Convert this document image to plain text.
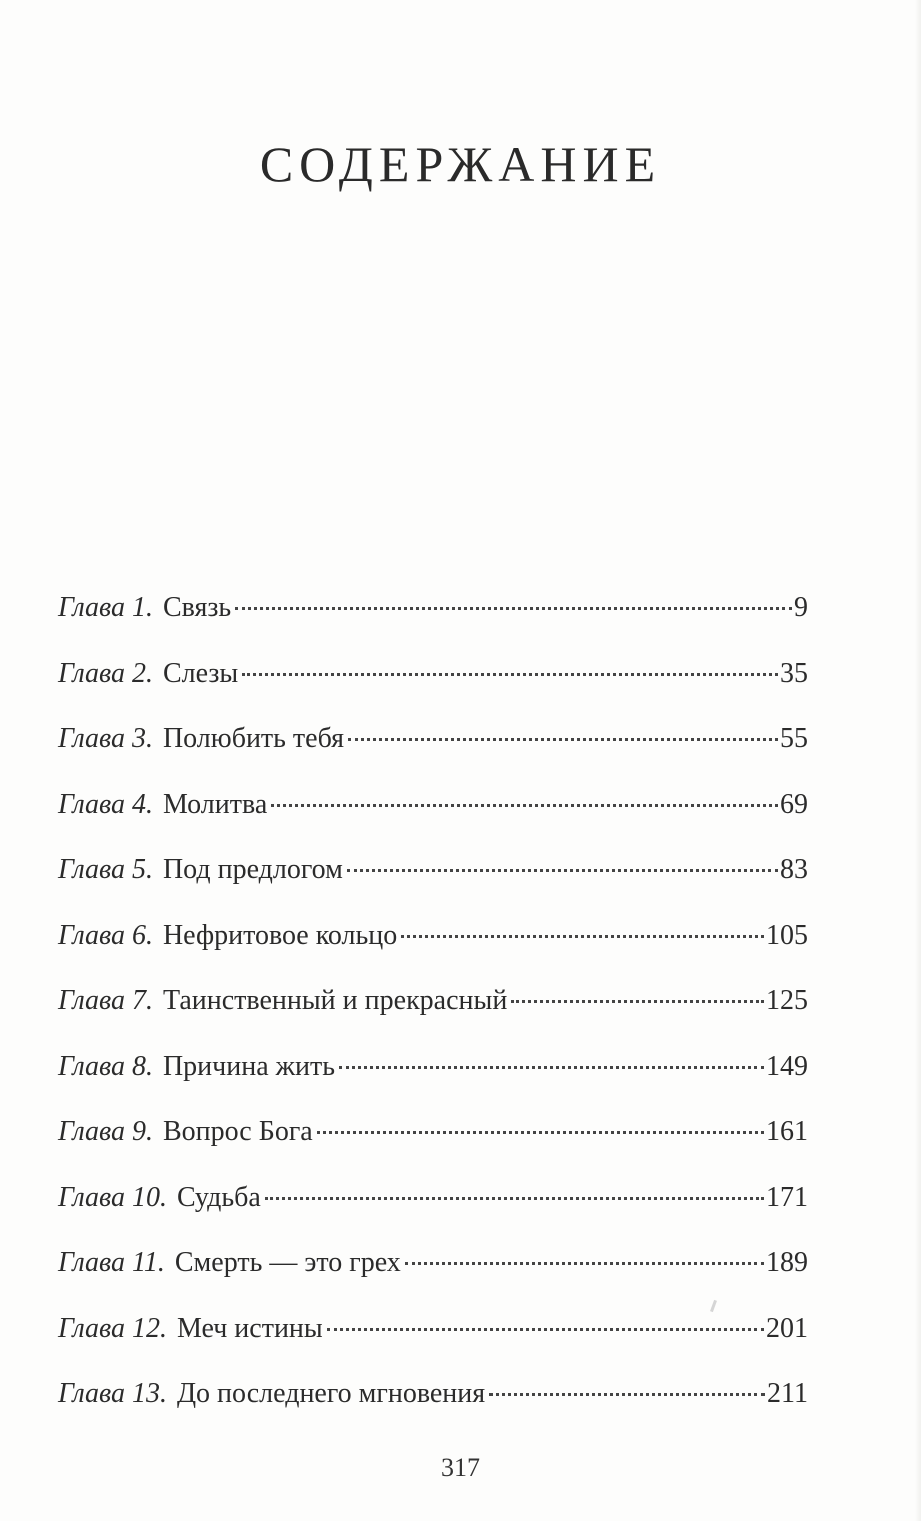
СОДЕРЖАНИЕ
Глава 1. Связь	9
Глава 2. Слезы	35
Глава 3. Полюбить тебя	55
Глава 4. Молитва	69
Глава 5. Под предлогом	83
Глава 6. Нефритовое кольцо	105
Глава 7. Таинственный и прекрасный	125
Глава 8. Причина жить	149
Глава 9. Вопрос Бога	161
Глава 10. Судьба	171
Глава 11. Смерть — это грех	189
Глава 12. Меч истины	201
Глава 13. До последнего мгновения	211
317
